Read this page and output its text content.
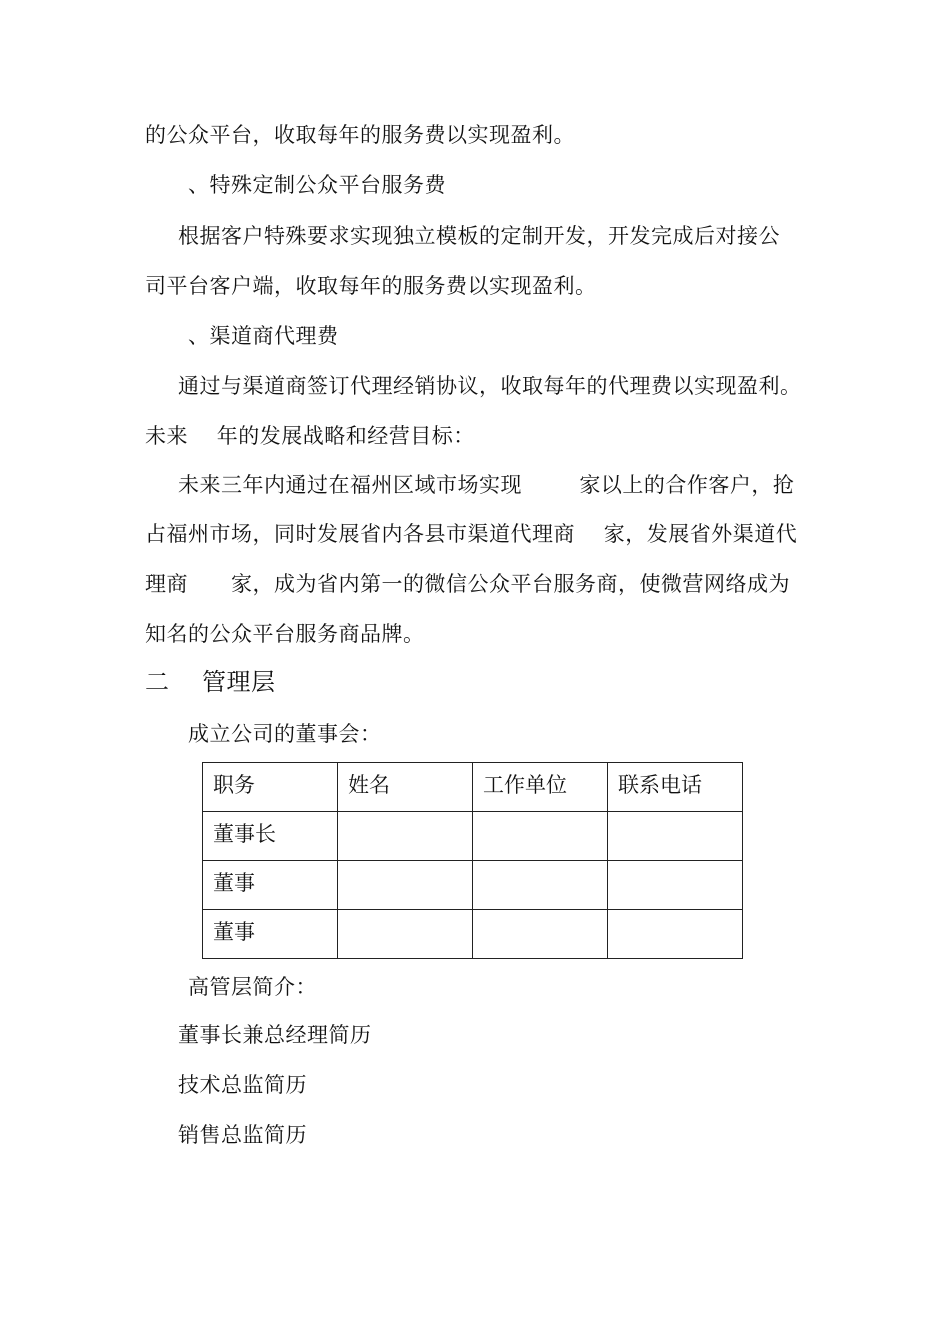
的公众平台，收取每年的服务费以实现盈利。
、特殊定制公众平台服务费
根据客户特殊要求实现独立模板的定制开发，开发完成后对接公
司平台客户端，收取每年的服务费以实现盈利。
、渠道商代理费
通过与渠道商签订代理经销协议，收取每年的代理费以实现盈利。
未来    年的发展战略和经营目标：
未来三年内通过在福州区域市场实现        家以上的合作客户，抢
占福州市场，同时发展省内各县市渠道代理商    家，发展省外渠道代
理商      家，成为省内第一的微信公众平台服务商，使微营网络成为
知名的公众平台服务商品牌。
二    管理层
成立公司的董事会：
职务	姓名	工作单位	联系电话
董事长			
董事			
董事			
高管层简介：
董事长兼总经理简历
技术总监简历
销售总监简历
